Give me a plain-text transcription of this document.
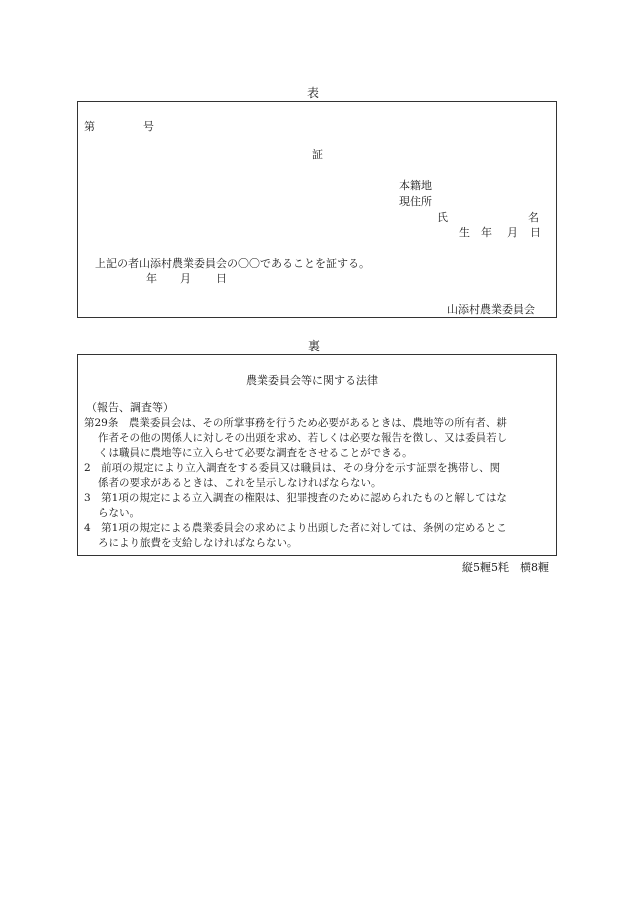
表
第	号
証
本籍地
現住所
氏	名
生　年 月 日
上記の者山添村農業委員会の〇〇であることを証する。
年 月 日
山添村農業委員会
裏
農業委員会等に関する法律
（報告、調査等）
第29条　農業委員会は、その所掌事務を行うため必要があるときは、農地等の所有者、耕
作者その他の関係人に対しその出頭を求め、若しくは必要な報告を徴し、又は委員若し
くは職員に農地等に立入らせて必要な調査をさせることができる。
2　前項の規定により立入調査をする委員又は職員は、その身分を示す証票を携帯し、関
係者の要求があるときは、これを呈示しなければならない。
3　第1項の規定による立入調査の権限は、犯罪捜査のために認められたものと解してはな
らない。
4　第1項の規定による農業委員会の求めにより出頭した者に対しては、条例の定めるとこ
ろにより旅費を支給しなければならない。
縦5糎5粍　横8糎
